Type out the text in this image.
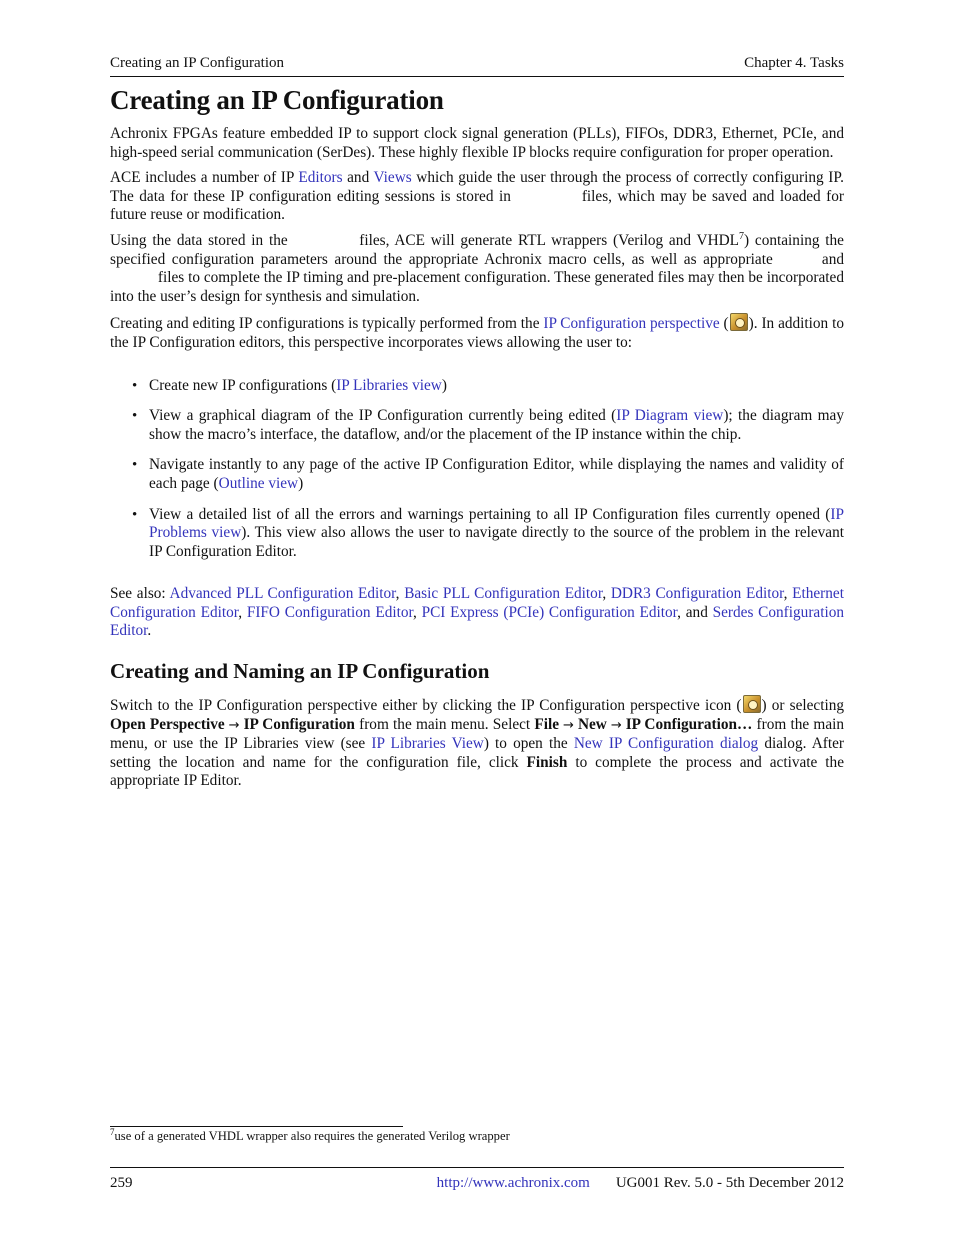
Creating an IP Configuration	Chapter 4. Tasks
Creating an IP Configuration

Achronix FPGAs feature embedded IP to support clock signal generation (PLLs), FIFOs, DDR3, Ethernet, PCIe, and high-speed serial communication (SerDes). These highly flexible IP blocks require configuration for proper operation.

ACE includes a number of IP Editors and Views which guide the user through the process of correctly configuring IP. The data for these IP configuration editing sessions is stored in	files, which may be saved and loaded for future reuse or modification.

Using the data stored in the	files, ACE will generate RTL wrappers (Verilog and VHDL$^7$) containing the specified configuration parameters around the appropriate Achronix macro cells, as well as appropriate	and  files to complete the IP timing and pre-placement configuration. These generated files may then be incorporated into the user’s design for synthesis and simulation.

Creating and editing IP configurations is typically performed from the IP Configuration perspective ( ). In addition to the IP Configuration editors, this perspective incorporates views allowing the user to:

• Create new IP configurations (IP Libraries view)
• View a graphical diagram of the IP Configuration currently being edited (IP Diagram view); the diagram may show the macro’s interface, the dataflow, and/or the placement of the IP instance within the chip.
• Navigate instantly to any page of the active IP Configuration Editor, while displaying the names and validity of each page (Outline view)
• View a detailed list of all the errors and warnings pertaining to all IP Configuration files currently opened (IP Problems view). This view also allows the user to navigate directly to the source of the problem in the relevant IP Configuration Editor.

See also: Advanced PLL Configuration Editor, Basic PLL Configuration Editor, DDR3 Configuration Editor, Ethernet Configuration Editor, FIFO Configuration Editor, PCI Express (PCIe) Configuration Editor, and Serdes Configuration Editor.

Creating and Naming an IP Configuration

Switch to the IP Configuration perspective either by clicking the IP Configuration perspective icon ( ) or selecting Open Perspective → IP Configuration from the main menu. Select File → New → IP Configuration… from the main menu, or use the IP Libraries view (see IP Libraries View) to open the New IP Configuration dialog dialog. After setting the location and name for the configuration file, click Finish to complete the process and activate the appropriate IP Editor.

$^7$use of a generated VHDL wrapper also requires the generated Verilog wrapper
259	http://www.achronix.com UG001 Rev. 5.0 - 5th December 2012
